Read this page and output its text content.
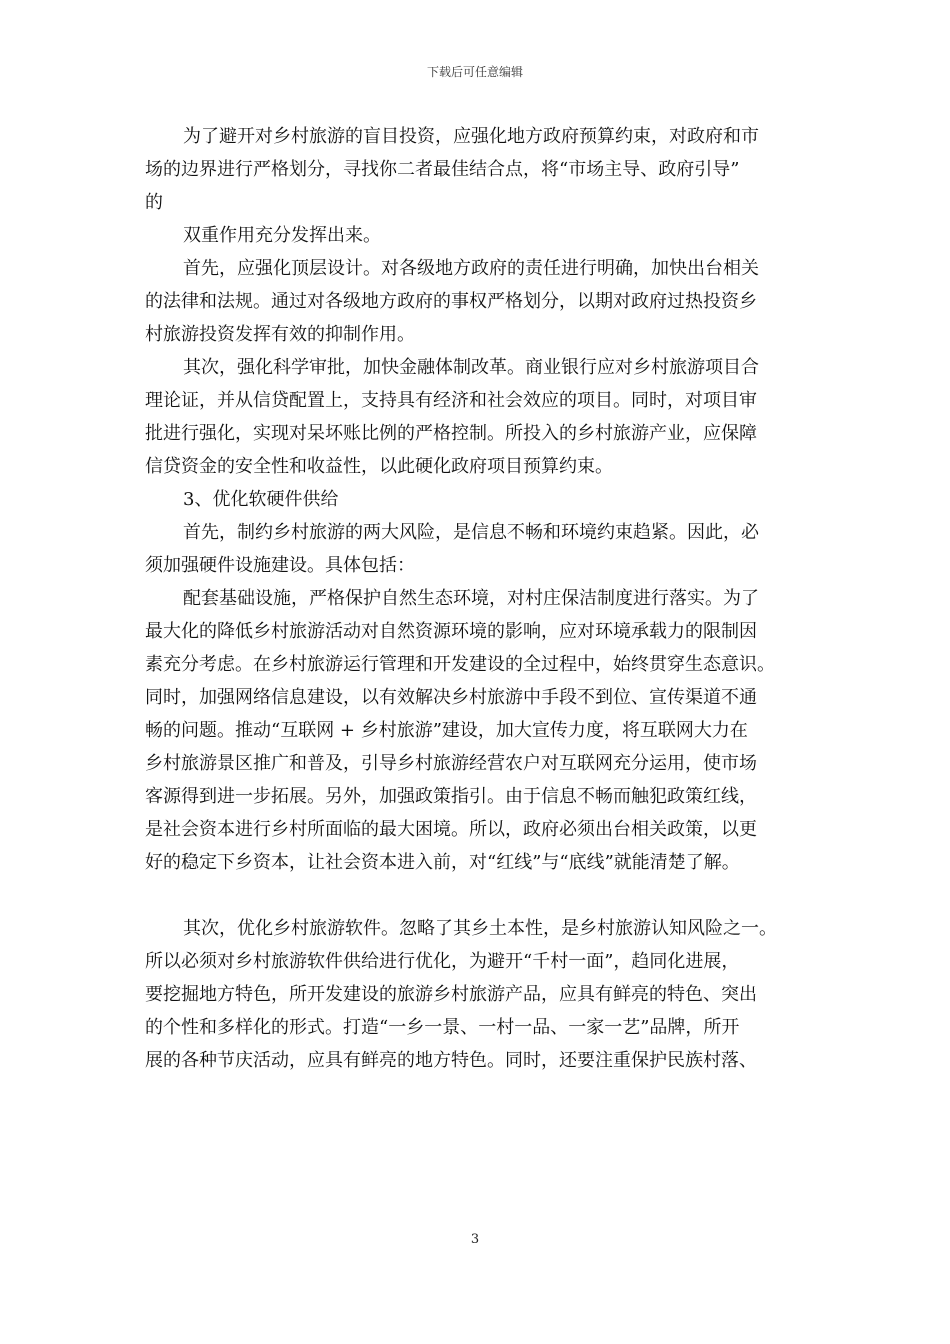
下载后可任意编辑
为了避开对乡村旅游的盲目投资，应强化地方政府预算约束，对政府和市
场的边界进行严格划分，寻找你二者最佳结合点，将“市场主导、政府引导”
的
双重作用充分发挥出来。
首先，应强化顶层设计。对各级地方政府的责任进行明确，加快出台相关
的法律和法规。通过对各级地方政府的事权严格划分，以期对政府过热投资乡
村旅游投资发挥有效的抑制作用。
其次，强化科学审批，加快金融体制改革。商业银行应对乡村旅游项目合
理论证，并从信贷配置上，支持具有经济和社会效应的项目。同时，对项目审
批进行强化，实现对呆坏账比例的严格控制。所投入的乡村旅游产业，应保障
信贷资金的安全性和收益性，以此硬化政府项目预算约束。
3、优化软硬件供给
首先，制约乡村旅游的两大风险，是信息不畅和环境约束趋紧。因此，必
须加强硬件设施建设。具体包括：
配套基础设施，严格保护自然生态环境，对村庄保洁制度进行落实。为了
最大化的降低乡村旅游活动对自然资源环境的影响，应对环境承载力的限制因
素充分考虑。在乡村旅游运行管理和开发建设的全过程中，始终贯穿生态意识。
同时，加强网络信息建设，以有效解决乡村旅游中手段不到位、宣传渠道不通
畅的问题。推动“互联网 + 乡村旅游”建设，加大宣传力度，将互联网大力在
乡村旅游景区推广和普及，引导乡村旅游经营农户对互联网充分运用，使市场
客源得到进一步拓展。另外，加强政策指引。由于信息不畅而触犯政策红线，
是社会资本进行乡村所面临的最大困境。所以，政府必须出台相关政策，以更
好的稳定下乡资本，让社会资本进入前，对“红线”与“底线”就能清楚了解。
其次，优化乡村旅游软件。忽略了其乡土本性，是乡村旅游认知风险之一。
所以必须对乡村旅游软件供给进行优化，为避开“千村一面”，趋同化进展，
要挖掘地方特色，所开发建设的旅游乡村旅游产品，应具有鲜亮的特色、突出
的个性和多样化的形式。打造“一乡一景、一村一品、一家一艺”品牌，所开
展的各种节庆活动，应具有鲜亮的地方特色。同时，还要注重保护民族村落、
3
